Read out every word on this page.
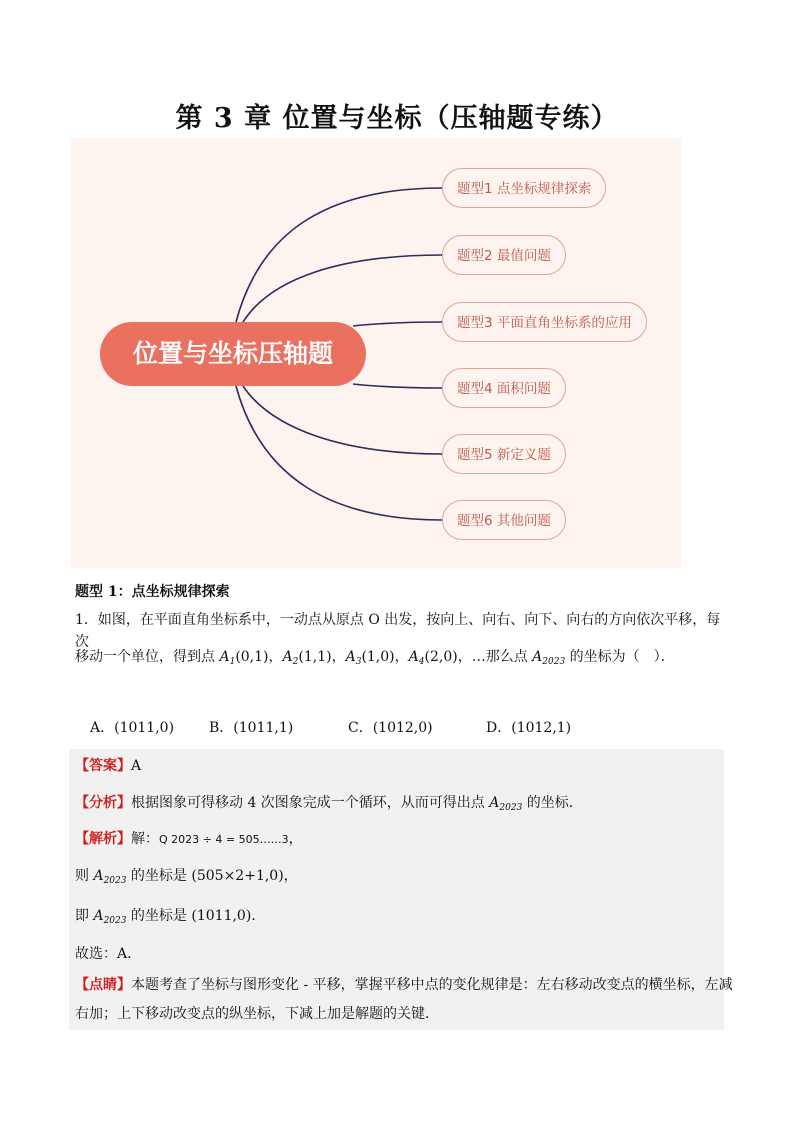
第 3 章 位置与坐标（压轴题专练）
位置与坐标压轴题
题型1 点坐标规律探索
题型2 最值问题
题型3 平面直角坐标系的应用
题型4 面积问题
题型5 新定义题
题型6 其他问题
题型 1：点坐标规律探索
1．如图，在平面直角坐标系中，一动点从原点 O 出发，按向上、向右、向下、向右的方向依次平移，每次
移动一个单位，得到点 $A_1(0,1)$，$A_2(1,1)$，$A_3(1,0)$，$A_4(2,0)$，…那么点 $A_{2023}$ 的坐标为（　）．
A．(1011,0) B．(1011,1)	C．(1012,0)	D．(1012,1)
【答案】A
【分析】根据图象可得移动 4 次图象完成一个循环，从而可得出点 $A_{2023}$ 的坐标．
【解析】解：Q 2023 ÷ 4 = 505……3，
则 $A_{2023}$ 的坐标是 (505×2+1,0)，
即 $A_{2023}$ 的坐标是 (1011,0)．
故选：A．
【点睛】本题考查了坐标与图形变化 - 平移，掌握平移中点的变化规律是：左右移动改变点的横坐标，左减
右加；上下移动改变点的纵坐标，下减上加是解题的关键．
